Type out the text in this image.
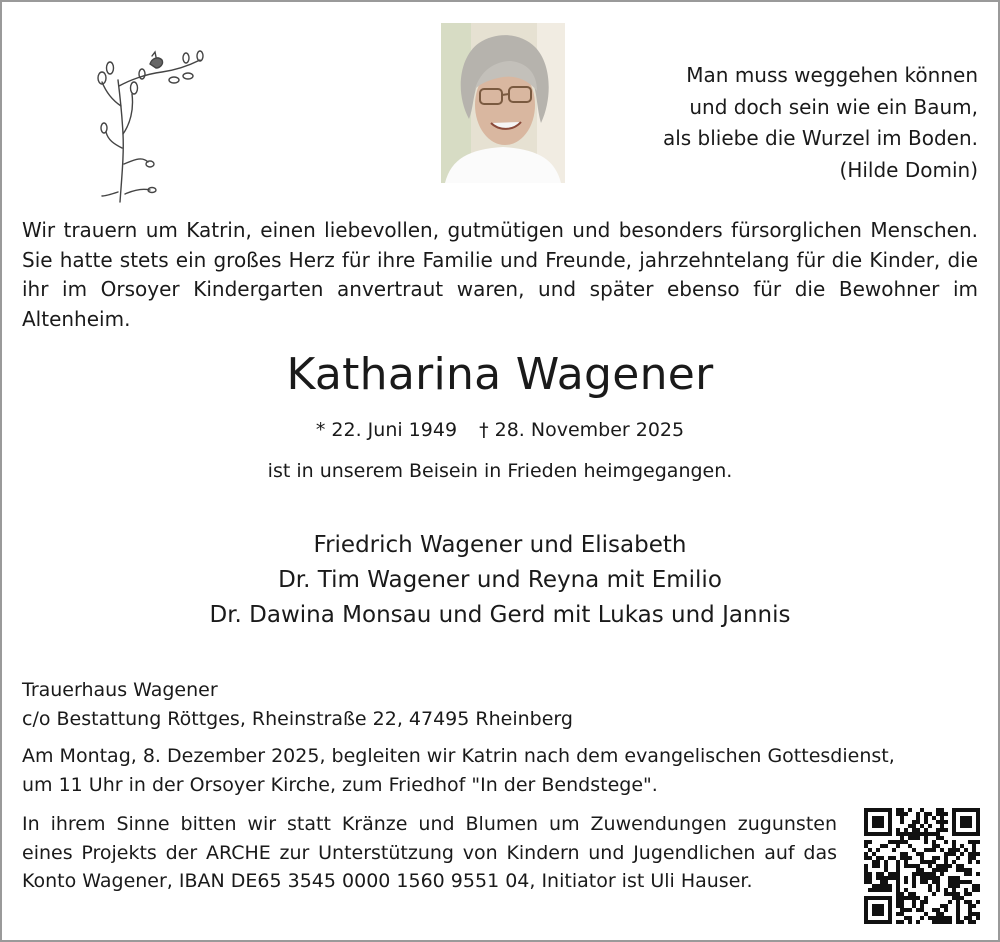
Man muss weggehen können
und doch sein wie ein Baum,
als bliebe die Wurzel im Boden.
(Hilde Domin)
Wir trauern um Katrin, einen liebevollen, gutmütigen und besonders fürsorglichen Menschen. Sie hatte stets ein großes Herz für ihre Familie und Freunde, jahrzehntelang für die Kinder, die ihr im Orsoyer Kindergarten anvertraut waren, und später ebenso für die Bewohner im Altenheim.
Katharina Wagener
* 22. Juni 1949 † 28. November 2025
ist in unserem Beisein in Frieden heimgegangen.
Friedrich Wagener und Elisabeth
Dr. Tim Wagener und Reyna mit Emilio
Dr. Dawina Monsau und Gerd mit Lukas und Jannis
Trauerhaus Wagener
c/o Bestattung Röttges, Rheinstraße 22, 47495 Rheinberg
Am Montag, 8. Dezember 2025, begleiten wir Katrin nach dem evangelischen Gottesdienst,
um 11 Uhr in der Orsoyer Kirche, zum Friedhof "In der Bendstege".
In ihrem Sinne bitten wir statt Kränze und Blumen um Zuwendungen zugunsten eines Projekts der ARCHE zur Unterstützung von Kindern und Jugendlichen auf das Konto Wagener, IBAN DE65 3545 0000 1560 9551 04, Initiator ist Uli Hauser.
